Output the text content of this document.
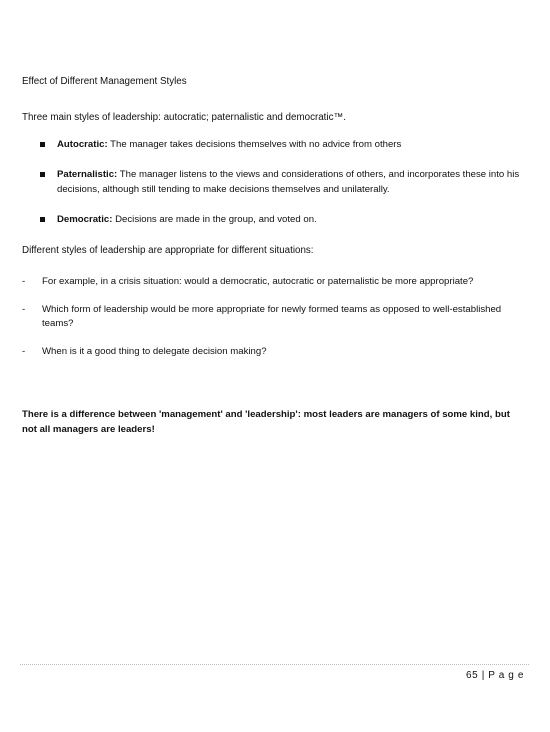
Effect of Different Management Styles
Three main styles of leadership: autocratic; paternalistic and democratic™.
Autocratic: The manager takes decisions themselves with no advice from others
Paternalistic: The manager listens to the views and considerations of others, and incorporates these into his decisions, although still tending to make decisions themselves and unilaterally.
Democratic: Decisions are made in the group, and voted on.
Different styles of leadership are appropriate for different situations:
- For example, in a crisis situation: would a democratic, autocratic or paternalistic be more appropriate?
- Which form of leadership would be more appropriate for newly formed teams as opposed to well-established teams?
- When is it a good thing to delegate decision making?
There is a difference between 'management' and 'leadership': most leaders are managers of some kind, but not all managers are leaders!
65 | P a g e
